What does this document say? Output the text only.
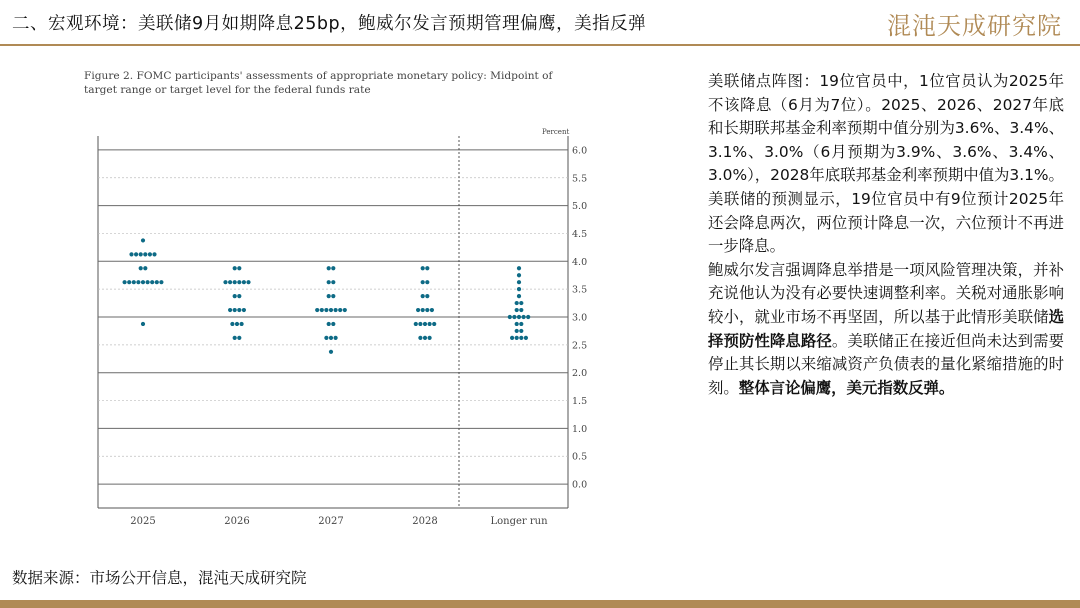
二、宏观环境：美联储9月如期降息25bp，鲍威尔发言预期管理偏鹰，美指反弹	混沌天成研究院
Figure 2. FOMC participants' assessments of appropriate monetary policy: Midpoint of
target range or target level for the federal funds rate
6.0
5.5
5.0
4.5
4.0
3.5
3.0
2.5
2.0
1.5
1.0
0.5
0.0
Percent
2025	2026	2027	2028	Longer run

美联储点阵图：19位官员中，1位官员认为2025年不该降息（6月为7位）。2025、2026、2027年底和长期联邦基金利率预期中值分别为3.6%、3.4%、3.1%、3.0%（6月预期为3.9%、3.6%、3.4%、3.0%），2028年底联邦基金利率预期中值为3.1%。

美联储的预测显示，19位官员中有9位预计2025年还会降息两次，两位预计降息一次，六位预计不再进一步降息。

鲍威尔发言强调降息举措是一项风险管理决策，并补充说他认为没有必要快速调整利率。关税对通胀影响较小，就业市场不再坚固，所以基于此情形美联储选择预防性降息路径。美联储正在接近但尚未达到需要停止其长期以来缩减资产负债表的量化紧缩措施的时刻。整体言论偏鹰，美元指数反弹。

数据来源：市场公开信息，混沌天成研究院
